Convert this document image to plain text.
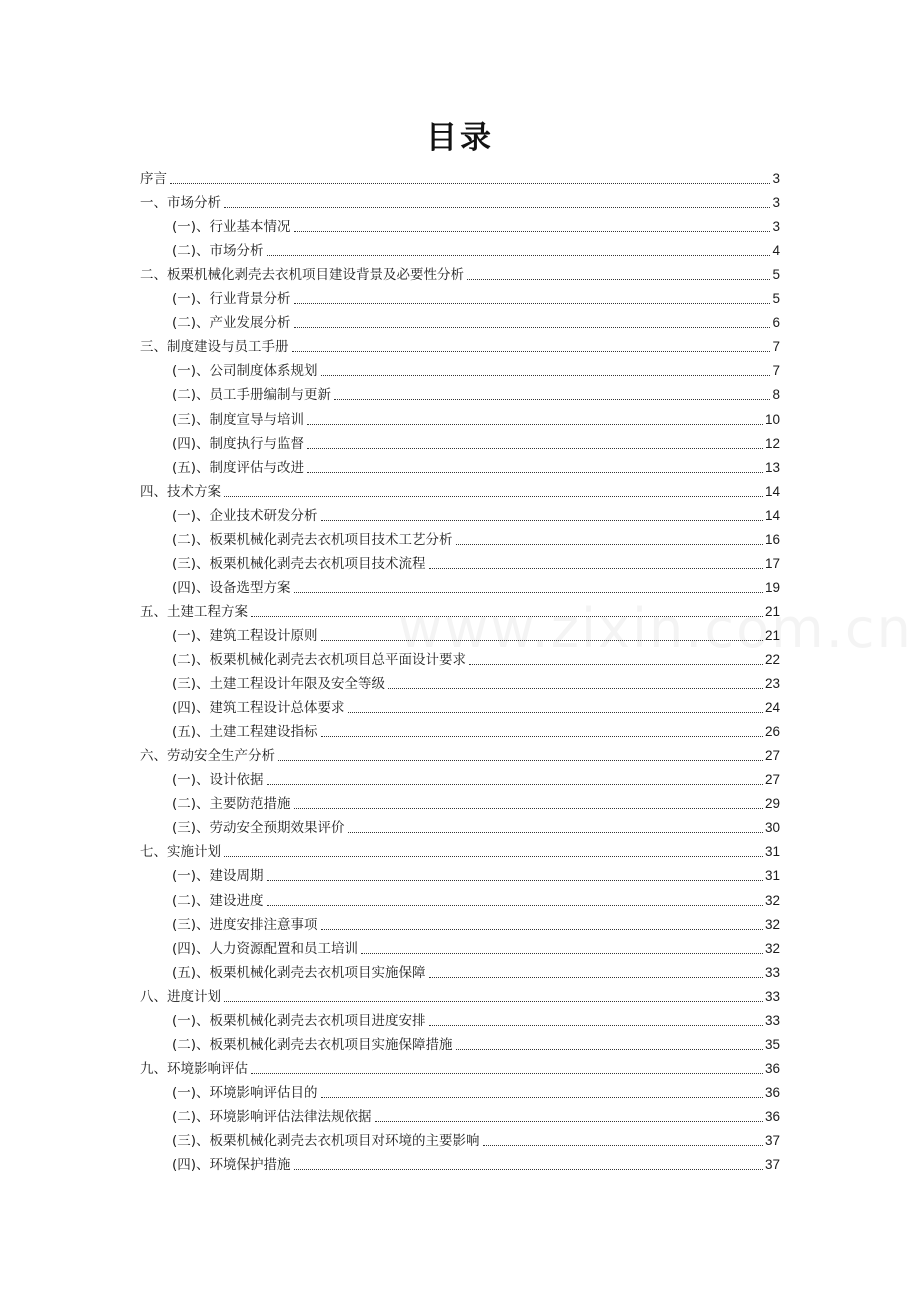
目录
序言	3
一、市场分析	3
(一)、行业基本情况	3
(二)、市场分析	4
二、板栗机械化剥壳去衣机项目建设背景及必要性分析	5
(一)、行业背景分析	5
(二)、产业发展分析	6
三、制度建设与员工手册	7
(一)、公司制度体系规划	7
(二)、员工手册编制与更新	8
(三)、制度宣导与培训	10
(四)、制度执行与监督	12
(五)、制度评估与改进	13
四、技术方案	14
(一)、企业技术研发分析	14
(二)、板栗机械化剥壳去衣机项目技术工艺分析	16
(三)、板栗机械化剥壳去衣机项目技术流程	17
(四)、设备选型方案	19
五、土建工程方案	21
(一)、建筑工程设计原则	21
(二)、板栗机械化剥壳去衣机项目总平面设计要求	22
(三)、土建工程设计年限及安全等级	23
(四)、建筑工程设计总体要求	24
(五)、土建工程建设指标	26
六、劳动安全生产分析	27
(一)、设计依据	27
(二)、主要防范措施	29
(三)、劳动安全预期效果评价	30
七、实施计划	31
(一)、建设周期	31
(二)、建设进度	32
(三)、进度安排注意事项	32
(四)、人力资源配置和员工培训	32
(五)、板栗机械化剥壳去衣机项目实施保障	33
八、进度计划	33
(一)、板栗机械化剥壳去衣机项目进度安排	33
(二)、板栗机械化剥壳去衣机项目实施保障措施	35
九、环境影响评估	36
(一)、环境影响评估目的	36
(二)、环境影响评估法律法规依据	36
(三)、板栗机械化剥壳去衣机项目对环境的主要影响	37
(四)、环境保护措施	37
